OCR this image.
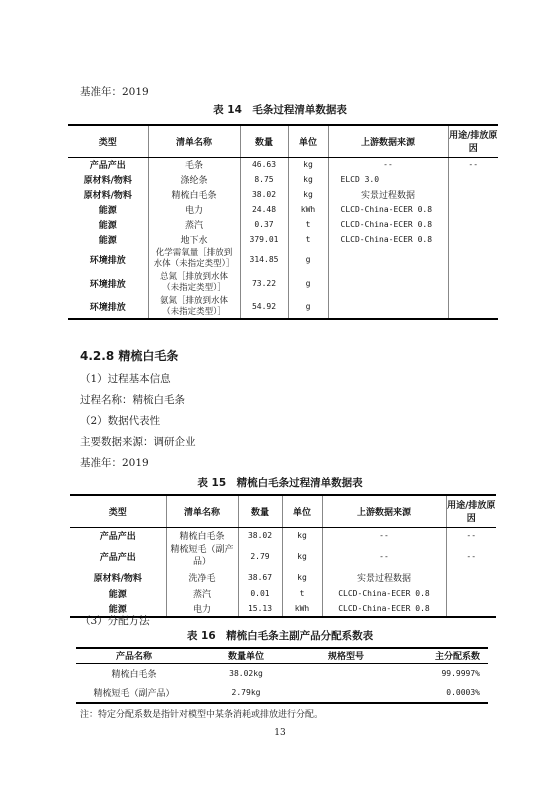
基准年：2019
表 14　毛条过程清单数据表
类型	清单名称	数量	单位	上游数据来源	用途/排放原因
产品产出	毛条	46.63	kg	--	--
原材料/物料	涤纶条	8.75	kg	ELCD 3.0	
原材料/物料	精梳白毛条	38.02	kg	实景过程数据	
能源	电力	24.48	kWh	CLCD-China-ECER 0.8	
能源	蒸汽	0.37	t	CLCD-China-ECER 0.8	
能源	地下水	379.01	t	CLCD-China-ECER 0.8	
环境排放	化学需氧量［排放到水体（未指定类型）］	314.85	g		
环境排放	总氮［排放到水体（未指定类型）］	73.22	g		
环境排放	氨氮［排放到水体（未指定类型）］	54.92	g		
4.2.8 精梳白毛条
（1）过程基本信息
过程名称：精梳白毛条
（2）数据代表性
主要数据来源：调研企业
基准年：2019
表 15　精梳白毛条过程清单数据表
类型	清单名称	数量	单位	上游数据来源	用途/排放原因
产品产出	精梳白毛条	38.02	kg	--	--
产品产出	精梳短毛（副产品）	2.79	kg	--	--
原材料/物料	洗净毛	38.67	kg	实景过程数据	
能源	蒸汽	0.01	t	CLCD-China-ECER 0.8	
能源	电力	15.13	kWh	CLCD-China-ECER 0.8	
（3）分配方法
表 16　精梳白毛条主副产品分配系数表
产品名称	数量单位	规格型号	主分配系数
精梳白毛条	38.02kg		99.9997%
精梳短毛（副产品）	2.79kg		0.0003%
注：特定分配系数是指针对模型中某条消耗或排放进行分配。
13
